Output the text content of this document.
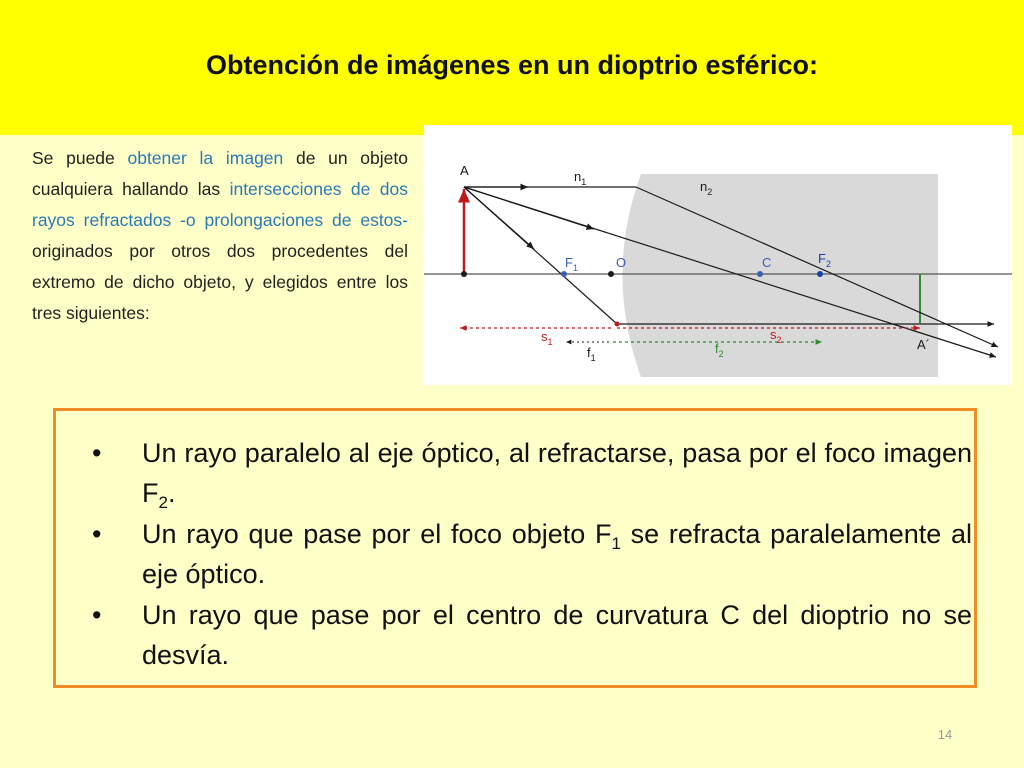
Obtención de imágenes en un dioptrio esférico:
Se puede obtener la imagen de un objeto cualquiera hallando las intersecciones de dos rayos refractados -o prolongaciones de estos- originados por otros dos procedentes del extremo de dicho objeto, y elegidos entre los tres siguientes:
A	$n_1$	$n_2$
$F_1$	O	C	$F_2$
A´
$s_1$	$s_2$
$f_1$
$f_2$
• Un rayo paralelo al eje óptico, al refractarse, pasa por el foco imagen $F_2$.
• Un rayo que pase por el foco objeto $F_1$ se refracta paralelamente al eje óptico.
• Un rayo que pase por el centro de curvatura C del dioptrio no se desvía.
14
